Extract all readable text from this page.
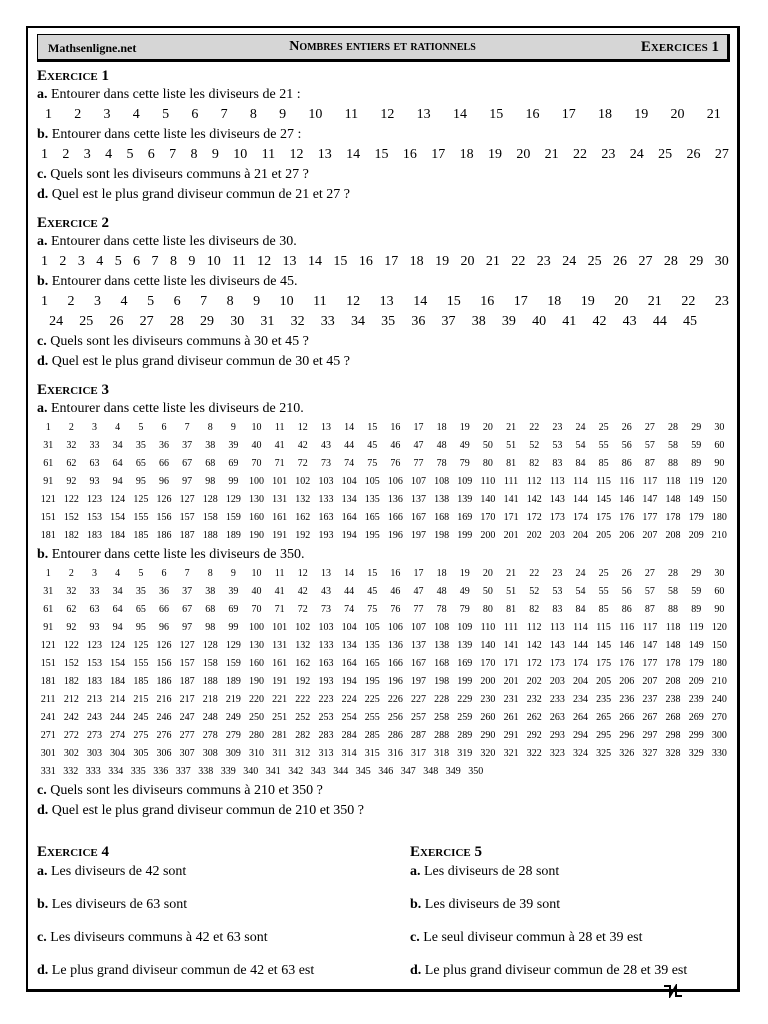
Mathsenligne.net	Nombres entiers et rationnels	Exercices 1
Exercice 1
a. Entourer dans cette liste les diviseurs de 21 :
1 2 3 4 5 6 7 8 9 10 11 12 13 14 15 16 17 18 19 20 21
b. Entourer dans cette liste les diviseurs de 27 :
1 2 3 4 5 6 7 8 9 10 11 12 13 14 15 16 17 18 19 20 21 22 23 24 25 26 27
c. Quels sont les diviseurs communs à 21 et 27 ?
d. Quel est le plus grand diviseur commun de 21 et 27 ?
Exercice 2
a. Entourer dans cette liste les diviseurs de 30.
1 2 3 4 5 6 7 8 9 10 11 12 13 14 15 16 17 18 19 20 21 22 23 24 25 26 27 28 29 30
b. Entourer dans cette liste les diviseurs de 45.
1 2 3 4 5 6 7 8 9 10 11 12 13 14 15 16 17 18 19 20 21 22 23
24	25	26	27	28	29	30	31	32	33	34	35	36	37	38	39	40	41	42	43	44	45
c. Quels sont les diviseurs communs à 30 et 45 ?
d. Quel est le plus grand diviseur commun de 30 et 45 ?
Exercice 3
a. Entourer dans cette liste les diviseurs de 210.
1	2	3	4	5	6	7	8	9	10	11	12	13	14	15	16	17	18	19	20	21	22	23	24	25	26	27	28	29	30
31	32	33	34	35	36	37	38	39	40	41	42	43	44	45	46	47	48	49	50	51	52	53	54	55	56	57	58	59	60
61	62	63	64	65	66	67	68	69	70	71	72	73	74	75	76	77	78	79	80	81	82	83	84	85	86	87	88	89	90
91	92	93	94	95	96	97	98	99	100 101 102 103 104 105 106 107 108 109 110 111 112 113 114 115 116 117 118 119 120
121 122 123 124 125 126 127 128 129 130 131 132 133 134 135 136 137 138 139 140 141 142 143 144 145 146 147 148 149 150
151 152 153 154 155 156 157 158 159 160 161 162 163 164 165 166 167 168 169 170 171 172 173 174 175 176 177 178 179 180
181 182 183 184 185 186 187 188 189 190 191 192 193 194 195 196 197 198 199 200 201 202 203 204 205 206 207 208 209 210
b. Entourer dans cette liste les diviseurs de 350.
1	2	3	4	5	6	7	8	9	10	11	12	13	14	15	16	17	18	19	20	21	22	23	24	25	26	27	28	29	30
31	32	33	34	35	36	37	38	39	40	41	42	43	44	45	46	47	48	49	50	51	52	53	54	55	56	57	58	59	60
61	62	63	64	65	66	67	68	69	70	71	72	73	74	75	76	77	78	79	80	81	82	83	84	85	86	87	88	89	90
91	92	93	94	95	96	97	98	99	100 101 102 103 104 105 106 107 108 109 110 111 112 113 114 115 116 117 118 119 120
121 122 123 124 125 126 127 128 129 130 131 132 133 134 135 136 137 138 139 140 141 142 143 144 145 146 147 148 149 150
151 152 153 154 155 156 157 158 159 160 161 162 163 164 165 166 167 168 169 170 171 172 173 174 175 176 177 178 179 180
181 182 183 184 185 186 187 188 189 190 191 192 193 194 195 196 197 198 199 200 201 202 203 204 205 206 207 208 209 210
211 212 213 214 215 216 217 218 219 220 221 222 223 224 225 226 227 228 229 230 231 232 233 234 235 236 237 238 239 240
241 242 243 244 245 246 247 248 249 250 251 252 253 254 255 256 257 258 259 260 261 262 263 264 265 266 267 268 269 270
271 272 273 274 275 276 277 278 279 280 281 282 283 284 285 286 287 288 289 290 291 292 293 294 295 296 297 298 299 300
301 302 303 304 305 306 307 308 309 310 311 312 313 314 315 316 317 318 319 320 321 322 323 324 325 326 327 328 329 330
331 332 333 334 335 336 337 338 339 340 341 342 343 344 345 346 347 348 349 350
c. Quels sont les diviseurs communs à 210 et 350 ?
d. Quel est le plus grand diviseur commun de 210 et 350 ?
Exercice 4
a. Les diviseurs de 42 sont
b. Les diviseurs de 63 sont
c. Les diviseurs communs à 42 et 63 sont
d. Le plus grand diviseur commun de 42 et 63 est
Exercice 5
a. Les diviseurs de 28 sont
b. Les diviseurs de 39 sont
c. Le seul diviseur commun à 28 et 39 est
d. Le plus grand diviseur commun de 28 et 39 est
